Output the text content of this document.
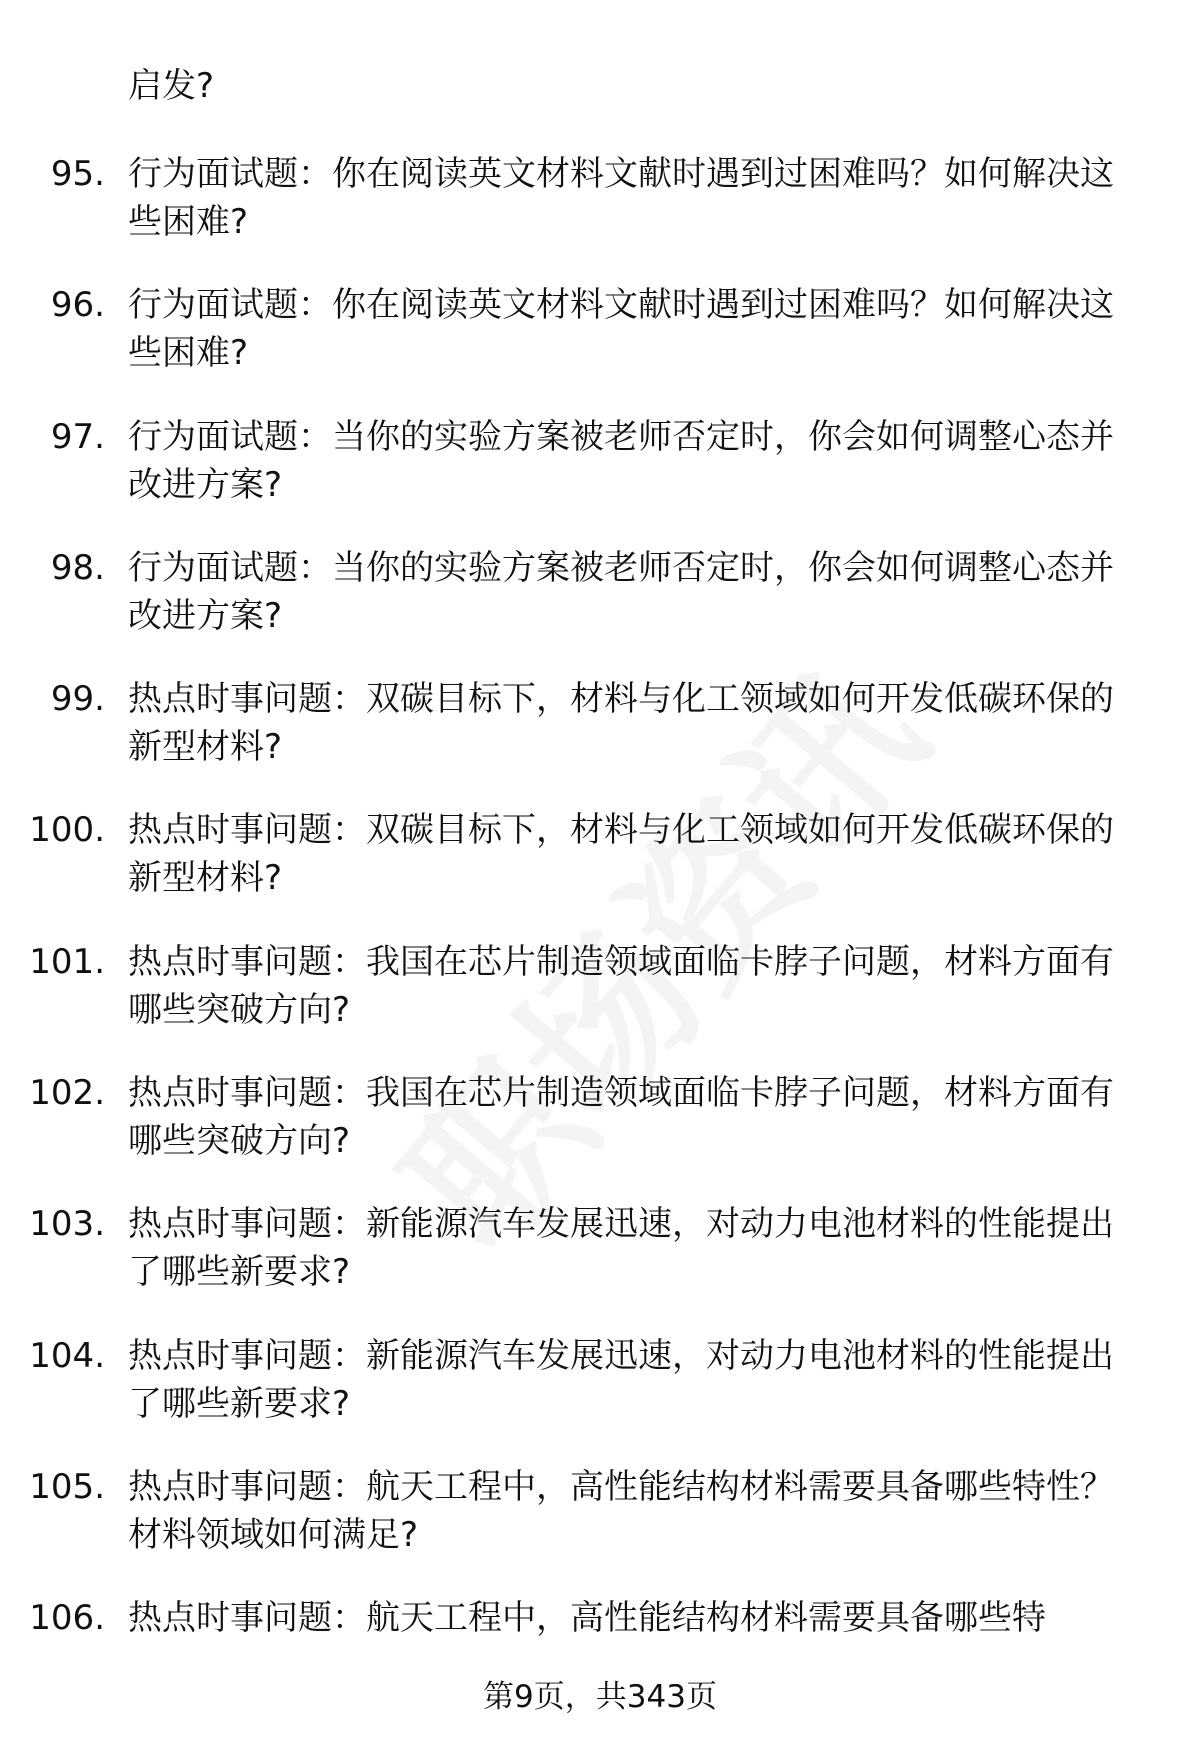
启发?
95. 行为面试题：你在阅读英文材料文献时遇到过困难吗？如何解决这些困难?
96. 行为面试题：你在阅读英文材料文献时遇到过困难吗？如何解决这些困难?
97. 行为面试题：当你的实验方案被老师否定时，你会如何调整心态并改进方案?
98. 行为面试题：当你的实验方案被老师否定时，你会如何调整心态并改进方案?
99. 热点时事问题：双碳目标下，材料与化工领域如何开发低碳环保的新型材料?
100. 热点时事问题：双碳目标下，材料与化工领域如何开发低碳环保的新型材料?
101. 热点时事问题：我国在芯片制造领域面临卡脖子问题，材料方面有哪些突破方向?
102. 热点时事问题：我国在芯片制造领域面临卡脖子问题，材料方面有哪些突破方向?
103. 热点时事问题：新能源汽车发展迅速，对动力电池材料的性能提出了哪些新要求?
104. 热点时事问题：新能源汽车发展迅速，对动力电池材料的性能提出了哪些新要求?
105. 热点时事问题：航天工程中，高性能结构材料需要具备哪些特性？材料领域如何满足?
106. 热点时事问题：航天工程中，高性能结构材料需要具备哪些特
第9页，共343页
